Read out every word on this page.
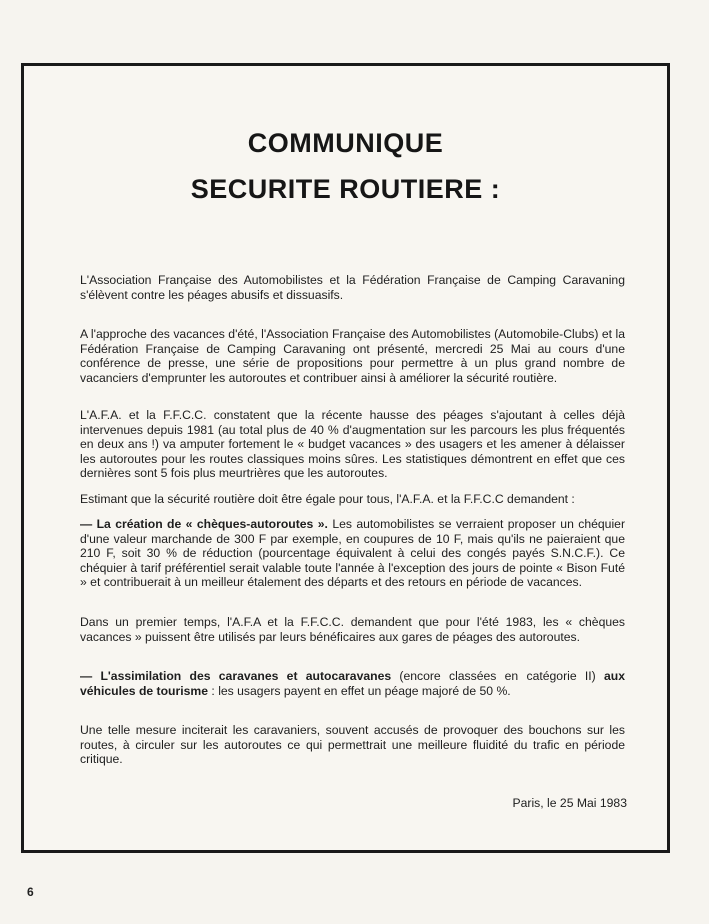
COMMUNIQUE
SECURITE ROUTIERE :

L'Association Française des Automobilistes et la Fédération Française de Camping Caravaning s'élèvent contre les péages abusifs et dissuasifs.

A l'approche des vacances d'été, l'Association Française des Automobilistes (Automobile-Clubs) et la Fédération Française de Camping Caravaning ont présenté, mercredi 25 Mai au cours d'une conférence de presse, une série de propositions pour permettre à un plus grand nombre de vacanciers d'emprunter les autoroutes et contribuer ainsi à améliorer la sécurité routière.

L'A.F.A. et la F.F.C.C. constatent que la récente hausse des péages s'ajoutant à celles déjà intervenues depuis 1981 (au total plus de 40 % d'augmentation sur les parcours les plus fréquentés en deux ans !) va amputer fortement le « budget vacances » des usagers et les amener à délaisser les autoroutes pour les routes classiques moins sûres. Les statistiques démontrent en effet que ces dernières sont 5 fois plus meurtrières que les autoroutes.

Estimant que la sécurité routière doit être égale pour tous, l'A.F.A. et la F.F.C.C demandent :

— La création de « chèques-autoroutes ». Les automobilistes se verraient proposer un chéquier d'une valeur marchande de 300 F par exemple, en coupures de 10 F, mais qu'ils ne paieraient que 210 F, soit 30 % de réduction (pourcentage équivalent à celui des congés payés S.N.C.F.). Ce chéquier à tarif préférentiel serait valable toute l'année à l'exception des jours de pointe « Bison Futé » et contribuerait à un meilleur étalement des départs et des retours en période de vacances.

Dans un premier temps, l'A.F.A et la F.F.C.C. demandent que pour l'été 1983, les « chèques vacances » puissent être utilisés par leurs bénéficaires aux gares de péages des autoroutes.

— L'assimilation des caravanes et autocaravanes (encore classées en catégorie II) aux véhicules de tourisme : les usagers payent en effet un péage majoré de 50 %.

Une telle mesure inciterait les caravaniers, souvent accusés de provoquer des bouchons sur les routes, à circuler sur les autoroutes ce qui permettrait une meilleure fluidité du trafic en période critique.

Paris, le 25 Mai 1983

6
